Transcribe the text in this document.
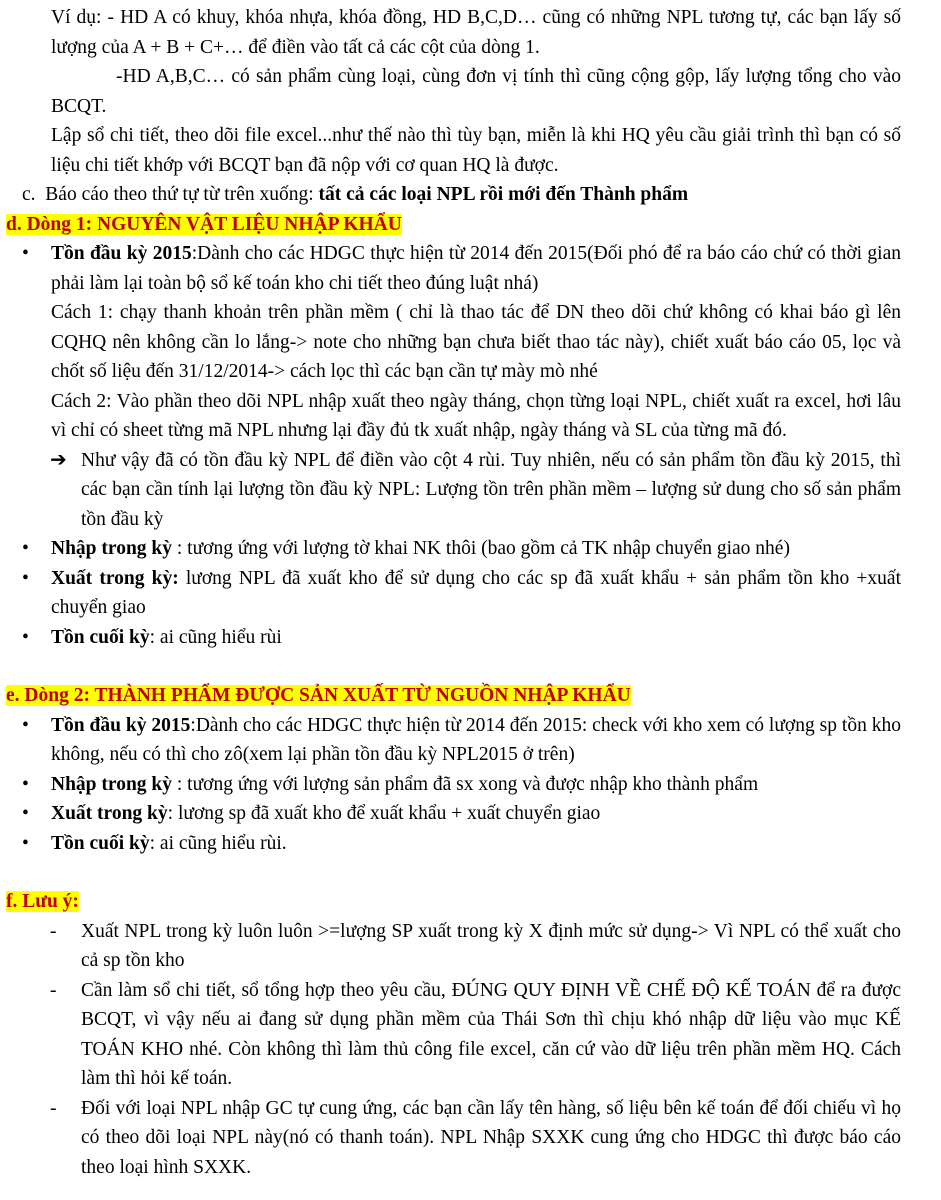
Ví dụ: - HD A có khuy, khóa nhựa, khóa đồng, HD B,C,D… cũng có những NPL tương tự, các bạn lấy số lượng của A + B + C+… để điền vào tất cả các cột của dòng 1.

-HD A,B,C… có sản phẩm cùng loại, cùng đơn vị tính thì cũng cộng gộp, lấy lượng tổng cho vào BCQT.

Lập sổ chi tiết, theo dõi file excel...như thế nào thì tùy bạn, miễn là khi HQ yêu cầu giải trình thì bạn có số liệu chi tiết khớp với BCQT bạn đã nộp với cơ quan HQ là được.

c. Báo cáo theo thứ tự từ trên xuống: tất cả các loại NPL rồi mới đến Thành phẩm

d. Dòng 1: NGUYÊN VẬT LIỆU NHẬP KHẨU

• Tồn đầu kỳ 2015:Dành cho các HDGC thực hiện từ 2014 đến 2015(Đối phó để ra báo cáo chứ có thời gian phải làm lại toàn bộ sổ kế toán kho chi tiết theo đúng luật nhá)

Cách 1: chạy thanh khoản trên phần mềm ( chỉ là thao tác để DN theo dõi chứ không có khai báo gì lên CQHQ nên không cần lo lắng-> note cho những bạn chưa biết thao tác này), chiết xuất báo cáo 05, lọc và chốt số liệu đến 31/12/2014-> cách lọc thì các bạn cần tự mày mò nhé

Cách 2: Vào phần theo dõi NPL nhập xuất theo ngày tháng, chọn từng loại NPL, chiết xuất ra excel, hơi lâu vì chỉ có sheet từng mã NPL nhưng lại đầy đủ tk xuất nhập, ngày tháng và SL của từng mã đó.

➔ Như vậy đã có tồn đầu kỳ NPL để điền vào cột 4 rùi. Tuy nhiên, nếu có sản phẩm tồn đầu kỳ 2015, thì các bạn cần tính lại lượng tồn đầu kỳ NPL: Lượng tồn trên phần mềm – lượng sử dung cho số sản phẩm tồn đầu kỳ

• Nhập trong kỳ : tương ứng với lượng tờ khai NK thôi (bao gồm cả TK nhập chuyển giao nhé)

• Xuất trong kỳ: lương NPL đã xuất kho để sử dụng cho các sp đã xuất khẩu + sản phẩm tồn kho +xuất chuyển giao

• Tồn cuối kỳ: ai cũng hiểu rùi

e. Dòng 2: THÀNH PHẨM ĐƯỢC SẢN XUẤT TỪ NGUỒN NHẬP KHẨU

• Tồn đầu kỳ 2015:Dành cho các HDGC thực hiện từ 2014 đến 2015: check với kho xem có lượng sp tồn kho không, nếu có thì cho zô(xem lại phần tồn đầu kỳ NPL2015 ở trên)

• Nhập trong kỳ : tương ứng với lượng sản phẩm đã sx xong và được nhập kho thành phẩm

• Xuất trong kỳ: lương sp đã xuất kho để xuất khẩu + xuất chuyển giao

• Tồn cuối kỳ: ai cũng hiểu rùi.

f. Lưu ý:

- Xuất NPL trong kỳ luôn luôn >=lượng SP xuất trong kỳ X định mức sử dụng-> Vì NPL có thể xuất cho cả sp tồn kho

- Cần làm sổ chi tiết, sổ tổng hợp theo yêu cầu, ĐÚNG QUY ĐỊNH VỀ CHẾ ĐỘ KẾ TOÁN để ra được BCQT, vì vậy nếu ai đang sử dụng phần mềm của Thái Sơn thì chịu khó nhập dữ liệu vào mục KẾ TOÁN KHO nhé. Còn không thì làm thủ công file excel, căn cứ vào dữ liệu trên phần mềm HQ. Cách làm thì hỏi kế toán.

- Đối với loại NPL nhập GC tự cung ứng, các bạn cần lấy tên hàng, số liệu bên kế toán để đối chiếu vì họ có theo dõi loại NPL này(nó có thanh toán). NPL Nhập SXXK cung ứng cho HDGC thì được báo cáo theo loại hình SXXK.
